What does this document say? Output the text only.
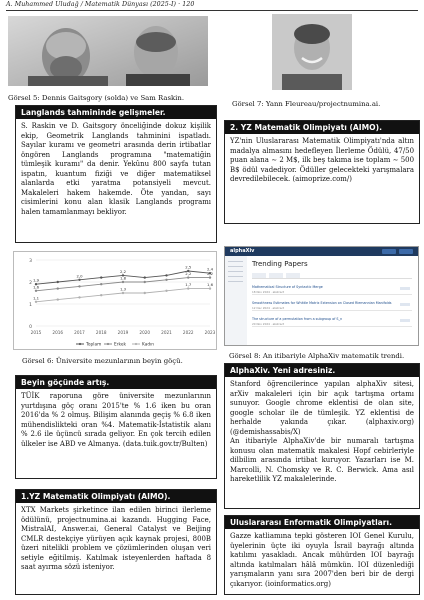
A. Muhammed Uludağ / Matematik Dünyası (2025-I) · 120
Görsel 5: Dennis Gaitsgory (solda) ve Sam Raskin.
Görsel 7: Yann Fleureau/projectnumina.ai.
Langlands tahmininde gelişmeler.
S. Raskin ve D. Gaitsgory önceliğinde dokuz kişilik ekip, Geometrik Langlands tahminini ispatladı. Sayılar kuramı ve geometri arasında derin irtibatlar öngören Langlands programına "matematiğin tümleşik kuramı" da denir. Yekûnu 800 sayfa tutan ispatın, kuantum fiziği ve diğer matematiksel alanlarda etki yaratma potansiyeli mevcut. Makaleleri hakem hakemde. Öte yandan, sayı cisimlerini konu alan klasik Langlands programı halen tamamlanmayı bekliyor.
2. YZ Matematik Olimpiyatı (AIMO).
YZ'nin Uluslararası Matematik Olimpiyatı'nda altın madalya almasını hedefleyen İlerleme Ödülü, 47/50 puan alana ∼ 2 M$, ilk beş takıma ise toplam ∼ 500 B$ ödül vadediyor. Ödüller gelecekteki yarışmalara devredilebilecek. (aimoprize.com/)
0
1
2
3
2015	2016	2017	2018	2019	2020	2021	2022	2023
1,9
2,0
2,2
2,5	2,4
1,6
1,8
2,2	2,2
1,1
1,3
1,7	1,6
Toplam	Erkek	Kadın
Görsel 6: Üniversite mezunlarının beyin göçü.
alphaXiv
Trending Papers
Mathematical Structure of Syntactic Merge
18 Nov 2024 · abstract
Smoothness Estimates for Whittle Matrix Extension on Closed Riemannian Manifolds
12 Dec 2024 · abstract
The structure of a permutation from a subgroup of S_n
20 Nov 2024 · abstract
Görsel 8: An itibariyle AlphaXiv matematik trendi.
Beyin göçünde artış.
TÜİK raporuna göre üniversite mezunlarının yurtdışına göç oranı 2015'te % 1.6 iken bu oran 2016'da % 2 olmuş. Bilişim alanında geçiş % 6.8 iken mühendislikteki oran %4. Matematik-İstatistik alanı % 2.6 ile üçüncü sırada geliyor. En çok tercih edilen ülkeler ise ABD ve Almanya. (data.tuik.gov.tr/Bulten)
AlphaXiv. Yeni adresiniz.

Stanford öğrencilerince yapılan alphaXiv sitesi, arXiv makaleleri için bir açık tartışma ortamı sunuyor. Google chrome eklentisi de olan site, google scholar ile de tümleşik. YZ eklentisi de herhalde yakında çıkar. (alphaxiv.org) (@demishassabis/X)

An itibariyle AlphaXiv'de bir numaralı tartışma konusu olan matematik makalesi Hopf cebirleriyle dilbilim arasında irtibat kuruyor. Yazarları ise M. Marcolli, N. Chomsky ve R. C. Berwick. Ama asıl hareketlilik YZ makalelerinde.

1.YZ Matematik Olimpiyatı (AIMO).
XTX Markets şirketince ilan edilen birinci ilerleme ödülünü, projectnumina.ai kazandı. Hugging Face, MistralAI, Answer.ai, General Catalyst ve Beijing CMLR destekçiye yürüyen açık kaynak projesi, 800B üzeri nitelikli problem ve çözümlerinden oluşan veri setiyle eğitilmiş. Katılmak isteyenlerden haftada 8 saat ayırma sözü isteniyor.
Uluslararası Enformatik Olimpiyatları.
Gazze katliamına tepki gösteren IOI Genel Kurulu, üyelerinin üçte iki oyuyla İsrail bayrağı altında katılımı yasakladı. Ancak mühürden IOI bayrağı altında katılmaları hâlâ mümkün. IOI düzenlediği yarışmaların yanı sıra 2007'den beri bir de dergi çıkarıyor. (ioinformatics.org)
